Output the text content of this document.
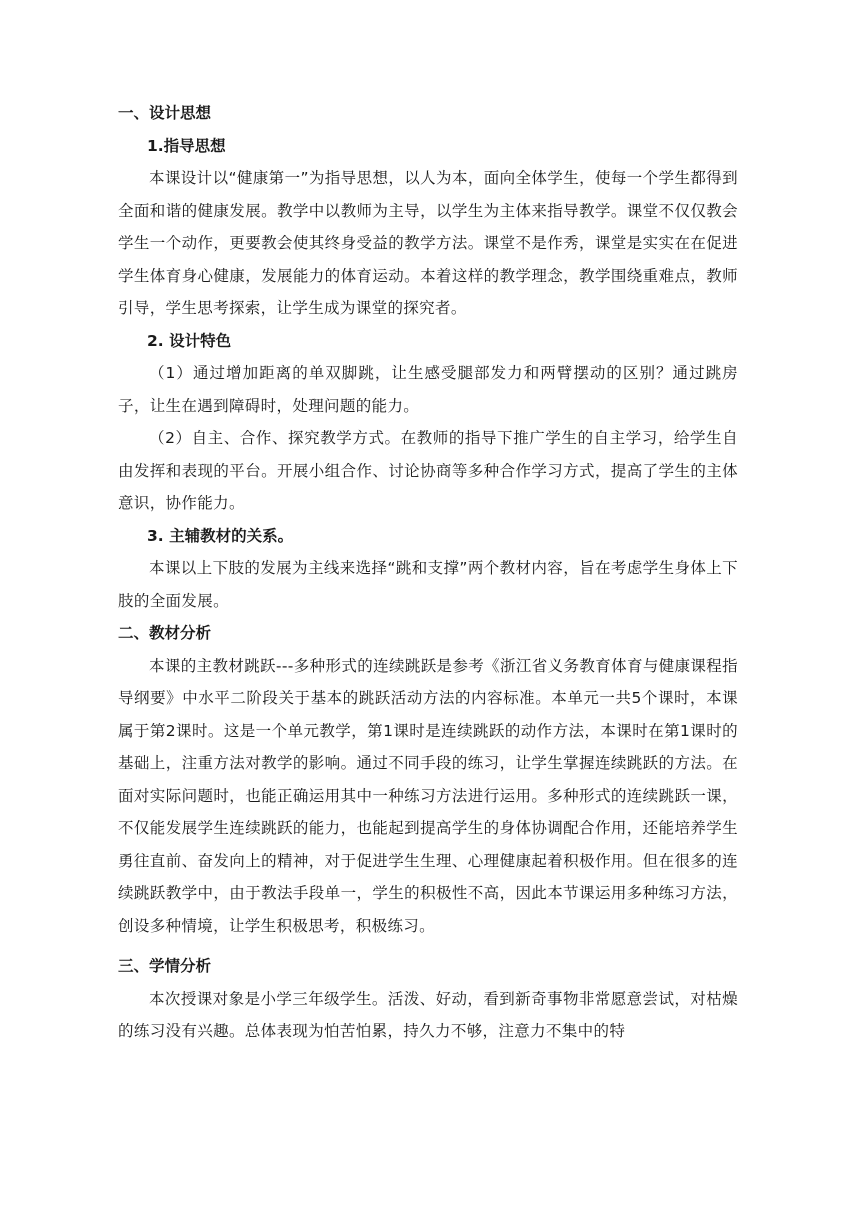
一、设计思想

1.指导思想

本课设计以“健康第一”为指导思想，以人为本，面向全体学生，使每一个学生都得到全面和谐的健康发展。教学中以教师为主导，以学生为主体来指导教学。课堂不仅仅教会学生一个动作，更要教会使其终身受益的教学方法。课堂不是作秀，课堂是实实在在促进学生体育身心健康，发展能力的体育运动。本着这样的教学理念，教学围绕重难点，教师引导，学生思考探索，让学生成为课堂的探究者。

2. 设计特色

（1）通过增加距离的单双脚跳，让生感受腿部发力和两臂摆动的区别？通过跳房子，让生在遇到障碍时，处理问题的能力。

（2）自主、合作、探究教学方式。在教师的指导下推广学生的自主学习，给学生自由发挥和表现的平台。开展小组合作、讨论协商等多种合作学习方式，提高了学生的主体意识，协作能力。

3. 主辅教材的关系。

本课以上下肢的发展为主线来选择“跳和支撑”两个教材内容，旨在考虑学生身体上下肢的全面发展。

二、教材分析

本课的主教材跳跃---多种形式的连续跳跃是参考《浙江省义务教育体育与健康课程指导纲要》中水平二阶段关于基本的跳跃活动方法的内容标准。本单元一共5个课时，本课属于第2课时。这是一个单元教学，第1课时是连续跳跃的动作方法，本课时在第1课时的基础上，注重方法对教学的影响。通过不同手段的练习，让学生掌握连续跳跃的方法。在面对实际问题时，也能正确运用其中一种练习方法进行运用。多种形式的连续跳跃一课，不仅能发展学生连续跳跃的能力，也能起到提高学生的身体协调配合作用，还能培养学生勇往直前、奋发向上的精神，对于促进学生生理、心理健康起着积极作用。但在很多的连续跳跃教学中，由于教法手段单一，学生的积极性不高，因此本节课运用多种练习方法，创设多种情境，让学生积极思考，积极练习。

三、学情分析

本次授课对象是小学三年级学生。活泼、好动，看到新奇事物非常愿意尝试，对枯燥的练习没有兴趣。总体表现为怕苦怕累，持久力不够，注意力不集中的特
